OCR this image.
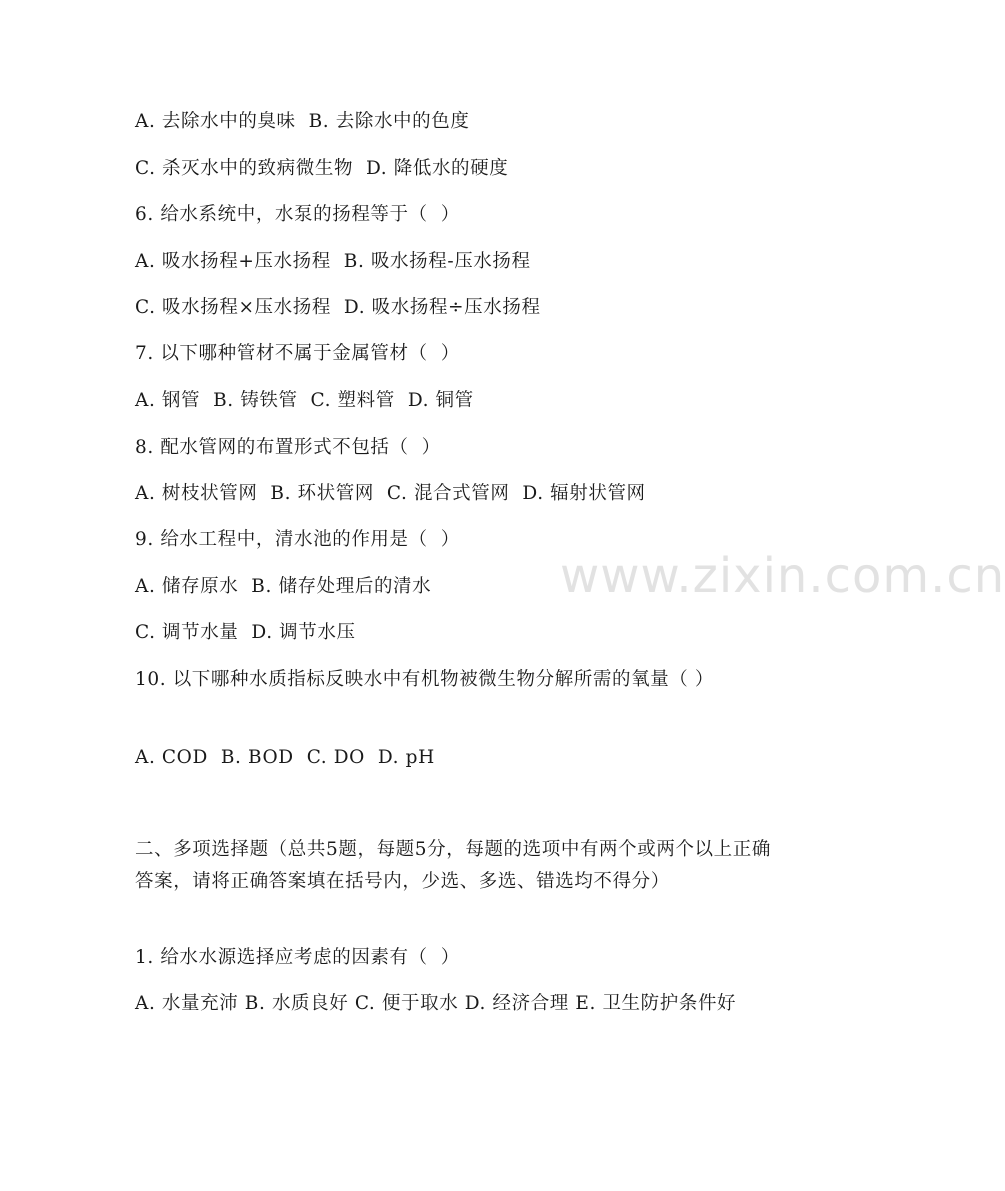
www.zixin.com.cn
A. 去除水中的臭味  B. 去除水中的色度
C. 杀灭水中的致病微生物  D. 降低水的硬度
6. 给水系统中，水泵的扬程等于（  ）
A. 吸水扬程+压水扬程  B. 吸水扬程-压水扬程
C. 吸水扬程×压水扬程  D. 吸水扬程÷压水扬程
7. 以下哪种管材不属于金属管材（  ）
A. 钢管  B. 铸铁管  C. 塑料管  D. 铜管
8. 配水管网的布置形式不包括（  ）
A. 树枝状管网  B. 环状管网  C. 混合式管网  D. 辐射状管网
9. 给水工程中，清水池的作用是（  ）
A. 储存原水  B. 储存处理后的清水
C. 调节水量  D. 调节水压
10. 以下哪种水质指标反映水中有机物被微生物分解所需的氧量（ ）
A. COD  B. BOD  C. DO  D. pH
二、多项选择题（总共5题，每题5分，每题的选项中有两个或两个以上正确答案，请将正确答案填在括号内，少选、多选、错选均不得分）
1. 给水水源选择应考虑的因素有（  ）
A. 水量充沛 B. 水质良好 C. 便于取水 D. 经济合理 E. 卫生防护条件好
